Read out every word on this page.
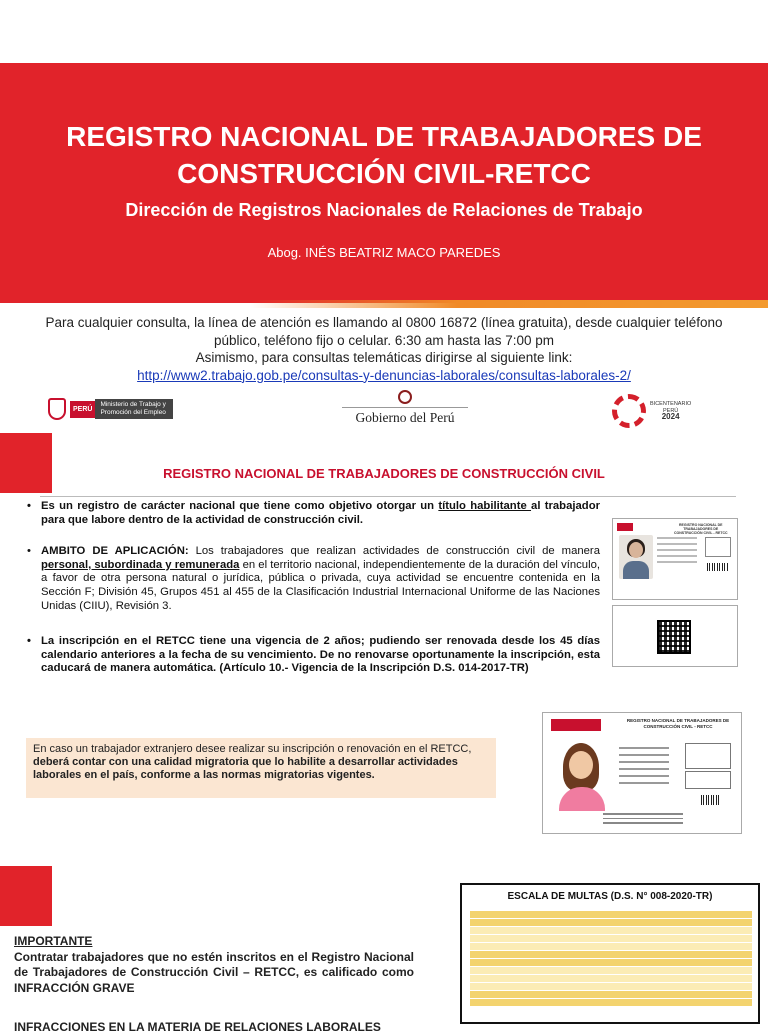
REGISTRO NACIONAL DE TRABAJADORES DE
CONSTRUCCIÓN CIVIL-RETCC
Dirección de Registros Nacionales de Relaciones de Trabajo
Abog. INÉS BEATRIZ MACO PAREDES
Para cualquier consulta, la línea de atención es llamando al 0800 16872 (línea gratuita), desde cualquier teléfono
público, teléfono fijo o celular. 6:30 am hasta las 7:00 pm
Asimismo, para consultas telemáticas dirigirse al siguiente link:
http://www2.trabajo.gob.pe/consultas-y-denuncias-laborales/consultas-laborales-2/
PERÚ
Ministerio de Trabajo y Promoción del Empleo	Gobierno del Perú
BICENTENARIO
PERÚ
2024
REGISTRO NACIONAL DE TRABAJADORES DE CONSTRUCCIÓN CIVIL
• Es un registro de carácter nacional que tiene como objetivo otorgar un título habilitante al trabajador para que labore dentro de la actividad de construcción civil.
• AMBITO DE APLICACIÓN: Los trabajadores que realizan actividades de construcción civil de manera personal, subordinada y remunerada en el territorio nacional, independientemente de la duración del vínculo, a favor de otra persona natural o jurídica, pública o privada, cuya actividad se encuentre contenida en la Sección F; División 45, Grupos 451 al 455 de la Clasificación Industrial Internacional Uniforme de las Naciones Unidas (CIIU), Revisión 3.
• La inscripción en el RETCC tiene una vigencia de 2 años; pudiendo ser renovada desde los 45 días calendario anteriores a la fecha de su vencimiento. De no renovarse oportunamente la inscripción, esta caducará de manera automática. (Artículo 10.- Vigencia de la Inscripción D.S. 014-2017-TR)
REGISTRO NACIONAL DE TRABAJADORES DE CONSTRUCCIÓN CIVIL - RETCC
En caso un trabajador extranjero desee realizar su inscripción o renovación en el RETCC, deberá contar con una calidad migratoria que lo habilite a desarrollar actividades laborales en el país, conforme a las normas migratorias vigentes.
REGISTRO NACIONAL DE TRABAJADORES DE CONSTRUCCIÓN CIVIL - RETCC
IMPORTANTE
Contratar trabajadores que no estén inscritos en el Registro Nacional de Trabajadores de Construcción Civil – RETCC, es calificado como INFRACCIÓN GRAVE
INFRACCIONES EN LA MATERIA DE RELACIONES LABORALES
ESCALA DE MULTAS (D.S. N° 008-2020-TR)
